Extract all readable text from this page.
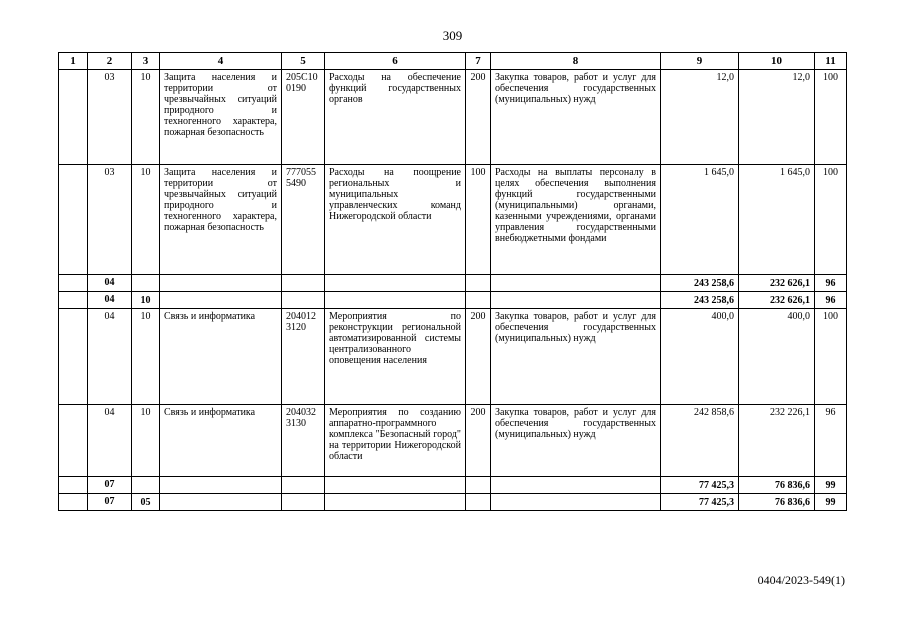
309
1	2	3	4	5	6	7	8	9	10	11
	03	10	Защита населения и территории от чрезвычайных ситуаций природного и техногенного характера, пожарная безопасность	205С10 0190	Расходы на обеспечение функций государственных органов	200	Закупка товаров, работ и услуг для обеспечения государственных (муниципальных) нужд	12,0	12,0	100
	03	10	Защита населения и территории от чрезвычайных ситуаций природного и техногенного характера, пожарная безопасность	777055 5490	Расходы на поощрение региональных и муниципальных управленческих команд Нижегородской области	100	Расходы на выплаты персоналу в целях обеспечения выполнения функций государственными (муниципальными) органами, казенными учреждениями, органами управления государственными внебюджетными фондами	1 645,0	1 645,0	100
	04							243 258,6	232 626,1	96
	04	10						243 258,6	232 626,1	96
	04	10	Связь и информатика	204012 3120	Мероприятия по реконструкции региональной автоматизированной системы централизованного оповещения населения	200	Закупка товаров, работ и услуг для обеспечения государственных (муниципальных) нужд	400,0	400,0	100
	04	10	Связь и информатика	204032 3130	Мероприятия по созданию аппаратно-программного комплекса "Безопасный город" на территории Нижегородской области	200	Закупка товаров, работ и услуг для обеспечения государственных (муниципальных) нужд	242 858,6	232 226,1	96
	07							77 425,3	76 836,6	99
	07	05						77 425,3	76 836,6	99
0404/2023-549(1)
